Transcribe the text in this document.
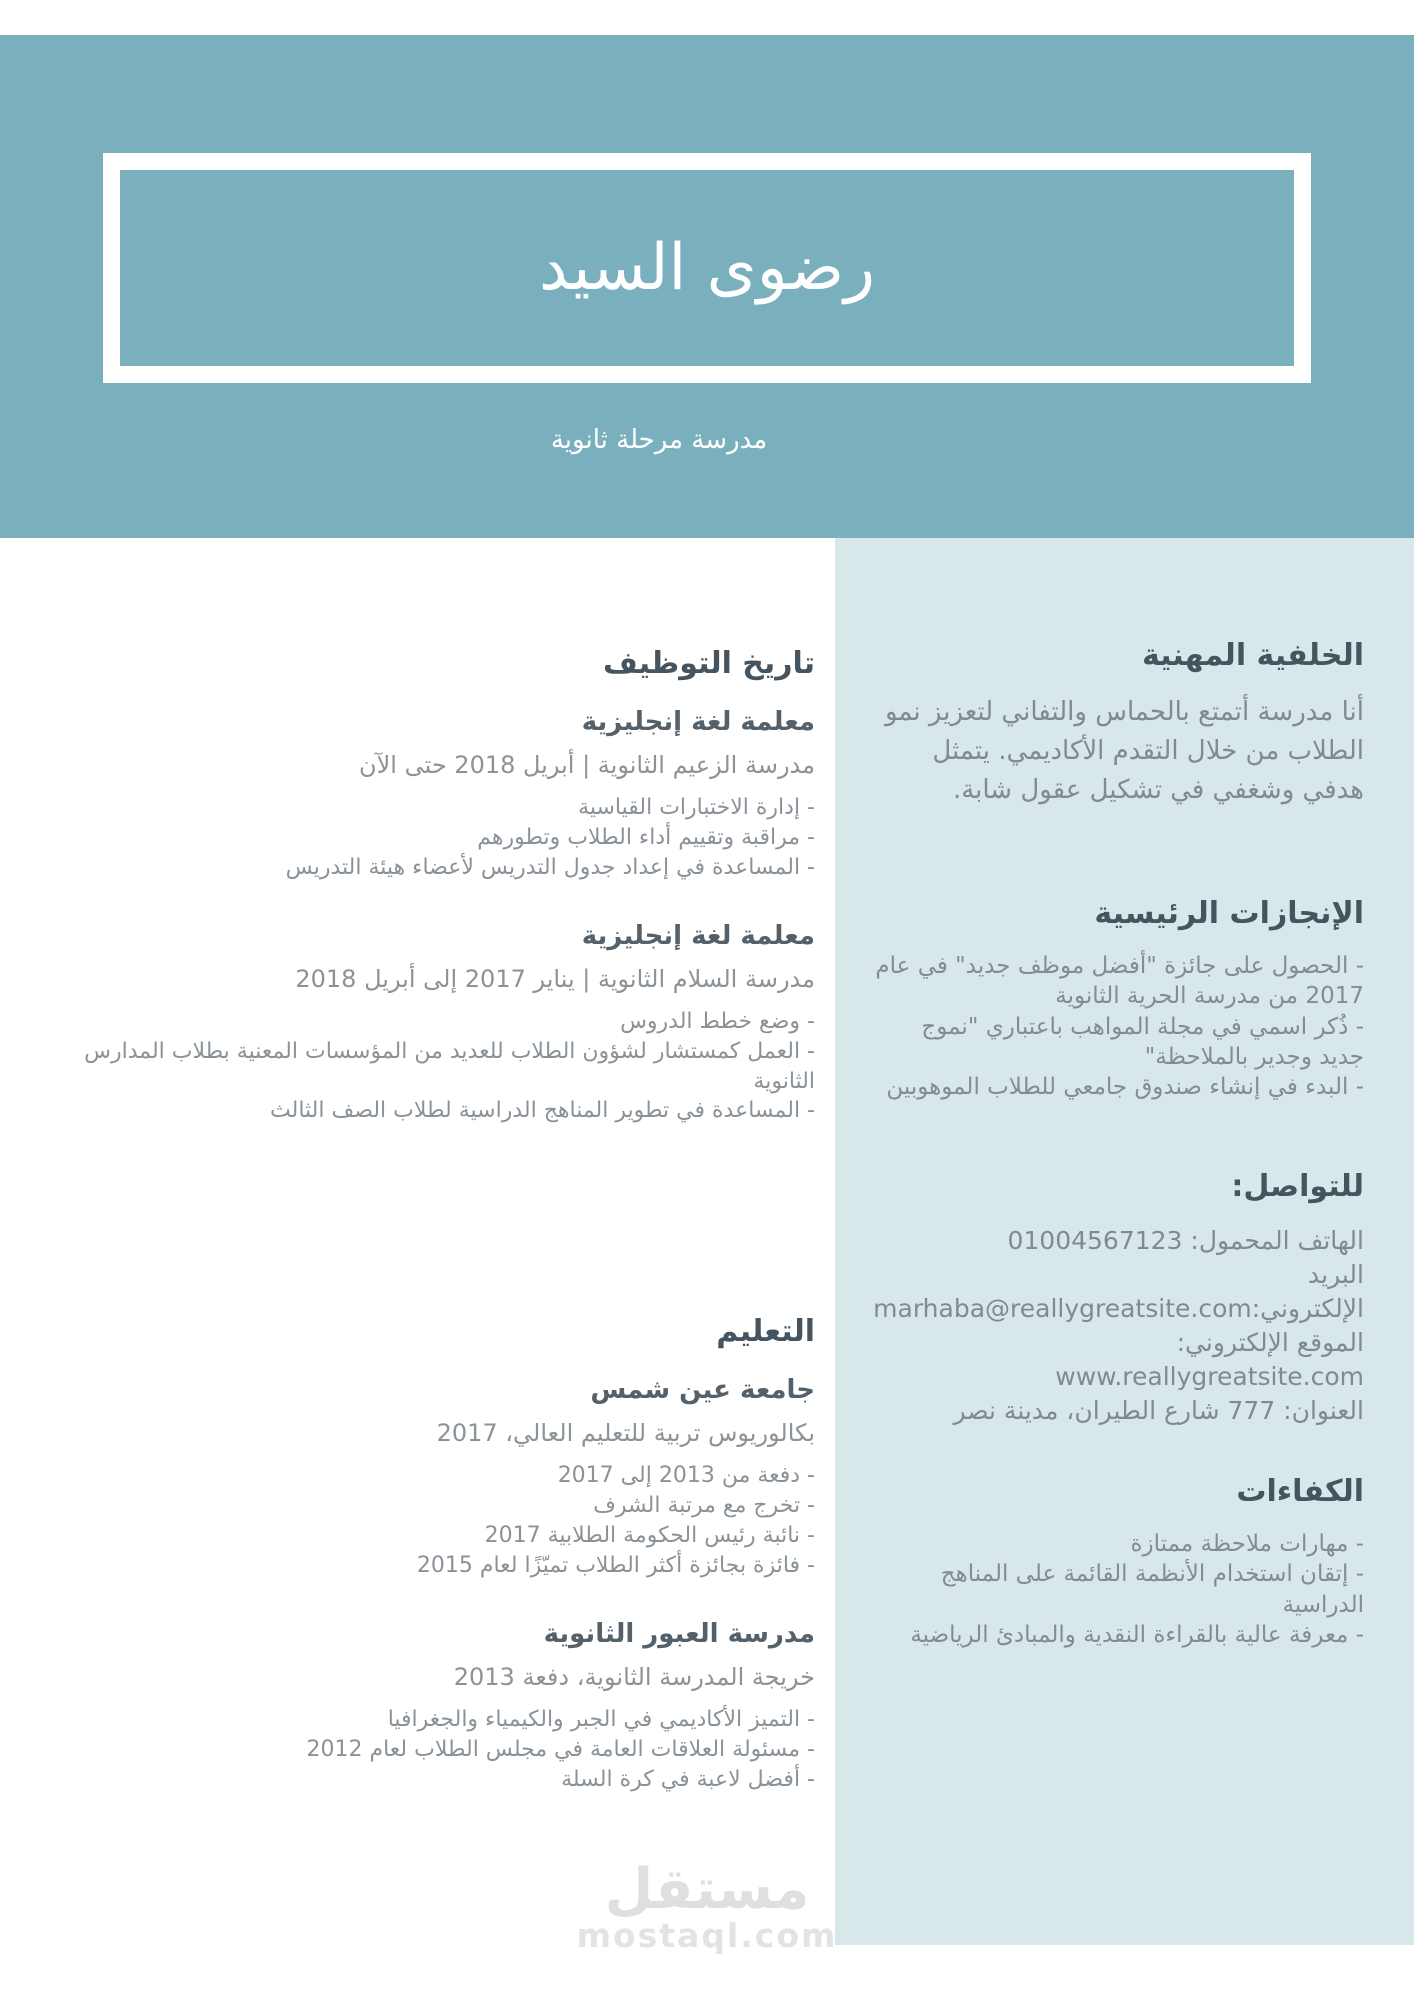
رضوى السيد
مدرسة مرحلة ثانوية
الخلفية المهنية

أنا مدرسة أتمتع بالحماس والتفاني لتعزيز نمو الطلاب من خلال التقدم الأكاديمي. يتمثل هدفي وشغفي في تشكيل عقول شابة.

الإنجازات الرئيسية
- الحصول على جائزة "أفضل موظف جديد" في عام 2017 من مدرسة الحرية الثانوية
- ذُكر اسمي في مجلة المواهب باعتباري "نموج جديد وجدير بالملاحظة"
- البدء في إنشاء صندوق جامعي للطلاب الموهوبين
للتواصل:
الهاتف المحمول: 01004567123
البريد الإلكتروني:marhaba@reallygreatsite.com
الموقع الإلكتروني: www.reallygreatsite.com
العنوان: 777 شارع الطيران، مدينة نصر
الكفاءات
- مهارات ملاحظة ممتازة
- إتقان استخدام الأنظمة القائمة على المناهج الدراسية
- معرفة عالية بالقراءة النقدية والمبادئ الرياضية
تاريخ التوظيف
معلمة لغة إنجليزية
مدرسة الزعيم الثانوية | أبريل 2018 حتى الآن
- إدارة الاختبارات القياسية
- مراقبة وتقييم أداء الطلاب وتطورهم
- المساعدة في إعداد جدول التدريس لأعضاء هيئة التدريس
معلمة لغة إنجليزية
مدرسة السلام الثانوية | يناير 2017 إلى أبريل 2018
- وضع خطط الدروس
- العمل كمستشار لشؤون الطلاب للعديد من المؤسسات المعنية بطلاب المدارس الثانوية
- المساعدة في تطوير المناهج الدراسية لطلاب الصف الثالث
التعليم
جامعة عين شمس
بكالوريوس تربية للتعليم العالي، 2017
- دفعة من 2013 إلى 2017
- تخرج مع مرتبة الشرف
- نائبة رئيس الحكومة الطلابية 2017
- فائزة بجائزة أكثر الطلاب تميّزًا لعام 2015
مدرسة العبور الثانوية
خريجة المدرسة الثانوية، دفعة 2013
- التميز الأكاديمي في الجبر والكيمياء والجغرافيا
- مسئولة العلاقات العامة في مجلس الطلاب لعام 2012
- أفضل لاعبة في كرة السلة
مستقل
mostaql.com
